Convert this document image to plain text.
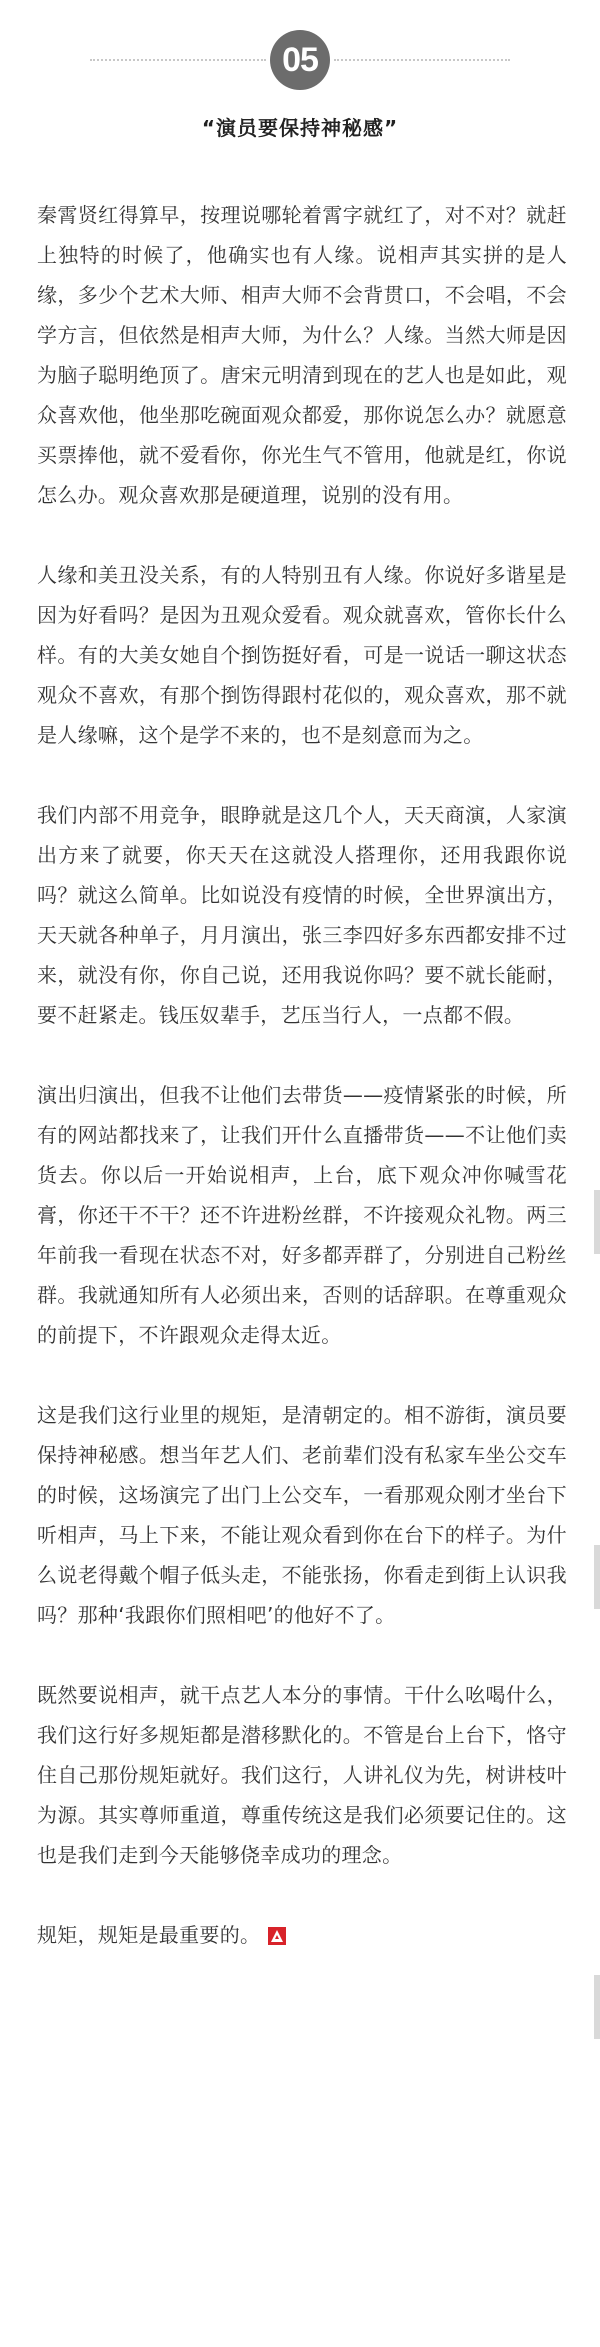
05
“演员要保持神秘感”

秦霄贤红得算早，按理说哪轮着霄字就红了，对不对？就赶上独特的时候了，他确实也有人缘。说相声其实拼的是人缘，多少个艺术大师、相声大师不会背贯口，不会唱，不会学方言，但依然是相声大师，为什么？人缘。当然大师是因为脑子聪明绝顶了。唐宋元明清到现在的艺人也是如此，观众喜欢他，他坐那吃碗面观众都爱，那你说怎么办？就愿意买票捧他，就不爱看你，你光生气不管用，他就是红，你说怎么办。观众喜欢那是硬道理，说别的没有用。

人缘和美丑没关系，有的人特别丑有人缘。你说好多谐星是因为好看吗？是因为丑观众爱看。观众就喜欢，管你长什么样。有的大美女她自个捯饬挺好看，可是一说话一聊这状态观众不喜欢，有那个捯饬得跟村花似的，观众喜欢，那不就是人缘嘛，这个是学不来的，也不是刻意而为之。

我们内部不用竞争，眼睁就是这几个人，天天商演，人家演出方来了就要，你天天在这就没人搭理你，还用我跟你说吗？就这么简单。比如说没有疫情的时候，全世界演出方，天天就各种单子，月月演出，张三李四好多东西都安排不过来，就没有你，你自己说，还用我说你吗？要不就长能耐，要不赶紧走。钱压奴辈手，艺压当行人，一点都不假。

演出归演出，但我不让他们去带货——疫情紧张的时候，所有的网站都找来了，让我们开什么直播带货——不让他们卖货去。你以后一开始说相声，上台，底下观众冲你喊雪花膏，你还干不干？还不许进粉丝群，不许接观众礼物。两三年前我一看现在状态不对，好多都弄群了，分别进自己粉丝群。我就通知所有人必须出来，否则的话辞职。在尊重观众的前提下，不许跟观众走得太近。

这是我们这行业里的规矩，是清朝定的。相不游街，演员要保持神秘感。想当年艺人们、老前辈们没有私家车坐公交车的时候，这场演完了出门上公交车，一看那观众刚才坐台下听相声，马上下来，不能让观众看到你在台下的样子。为什么说老得戴个帽子低头走，不能张扬，你看走到街上认识我吗？那种‘我跟你们照相吧’的他好不了。

既然要说相声，就干点艺人本分的事情。干什么吆喝什么，我们这行好多规矩都是潜移默化的。不管是台上台下，恪守住自己那份规矩就好。我们这行，人讲礼仪为先，树讲枝叶为源。其实尊师重道，尊重传统这是我们必须要记住的。这也是我们走到今天能够侥幸成功的理念。

规矩，规矩是最重要的。
